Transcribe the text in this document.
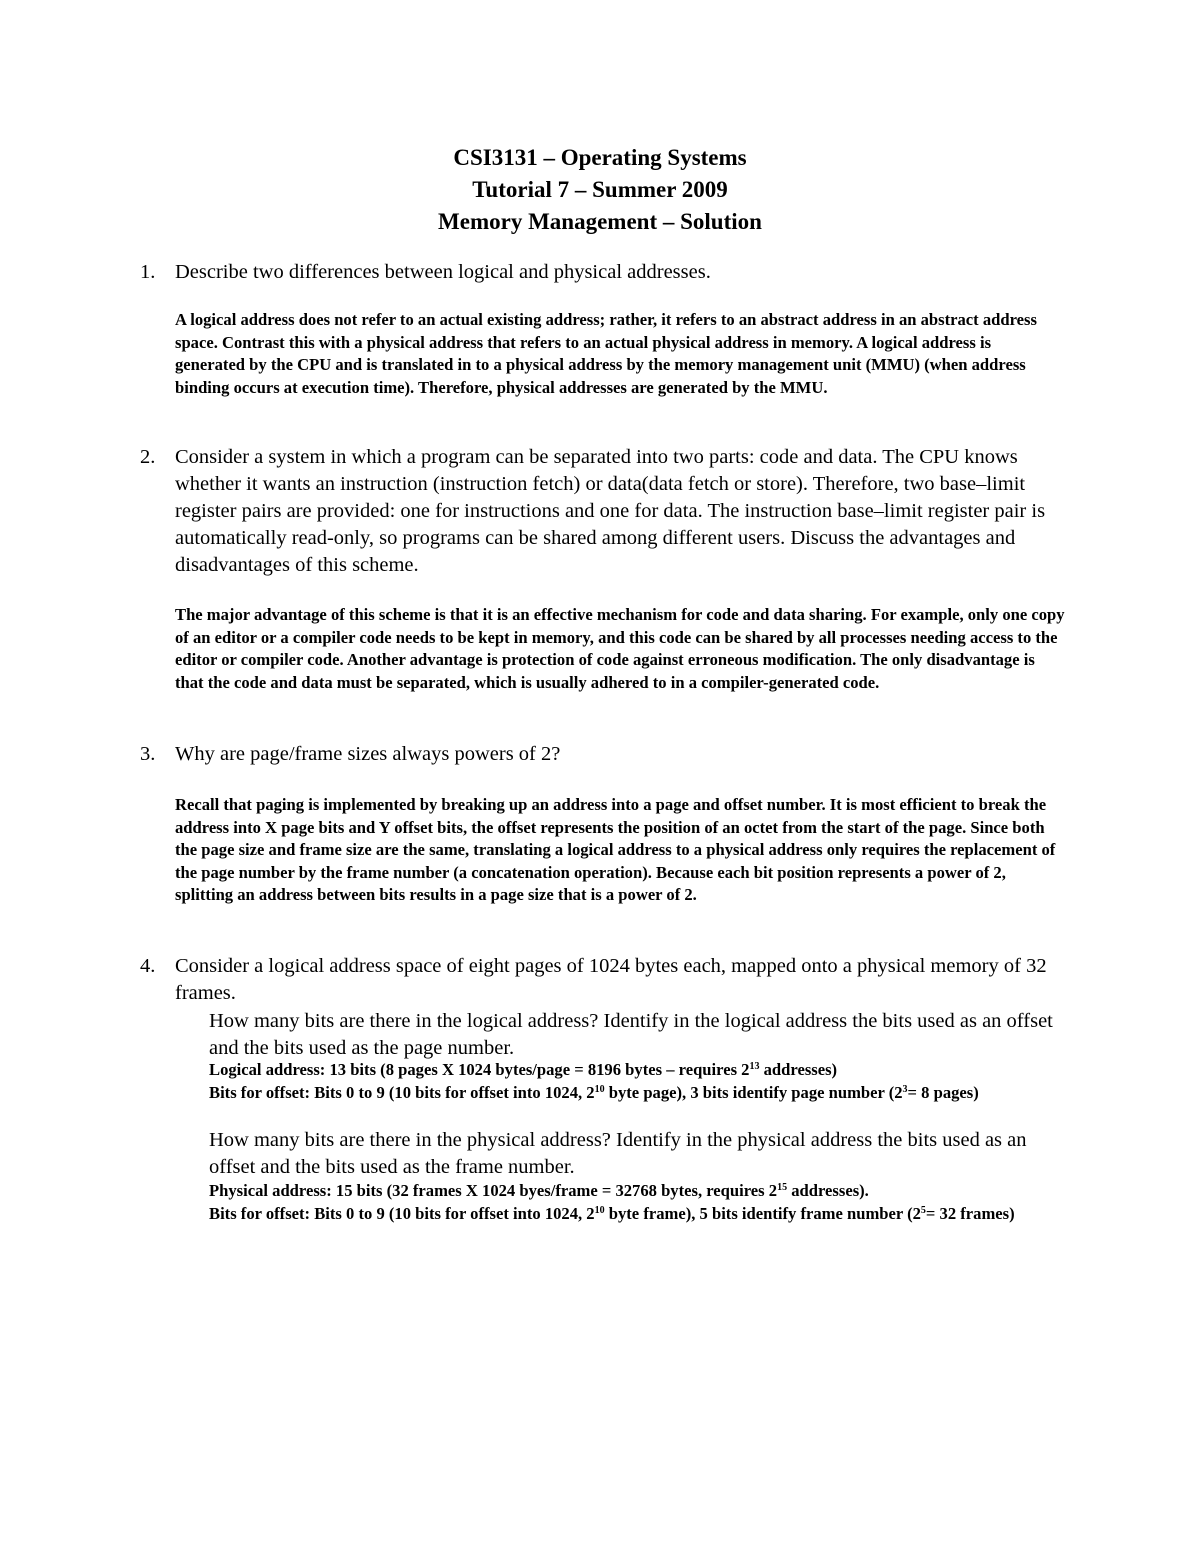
CSI3131 – Operating Systems
Tutorial 7 – Summer 2009
Memory Management – Solution
1. Describe two differences between logical and physical addresses.
A logical address does not refer to an actual existing address; rather, it refers to an abstract address in an abstract address space. Contrast this with a physical address that refers to an actual physical address in memory. A logical address is generated by the CPU and is translated in to a physical address by the memory management unit (MMU) (when address binding occurs at execution time). Therefore, physical addresses are generated by the MMU.
2. Consider a system in which a program can be separated into two parts: code and data. The CPU knows whether it wants an instruction (instruction fetch) or data(data fetch or store). Therefore, two base–limit register pairs are provided: one for instructions and one for data. The instruction base–limit register pair is automatically read-only, so programs can be shared among different users. Discuss the advantages and disadvantages of this scheme.
The major advantage of this scheme is that it is an effective mechanism for code and data sharing. For example, only one copy of an editor or a compiler code needs to be kept in memory, and this code can be shared by all processes needing access to the editor or compiler code. Another advantage is protection of code against erroneous modification. The only disadvantage is that the code and data must be separated, which is usually adhered to in a compiler-generated code.
3. Why are page/frame sizes always powers of 2?
Recall that paging is implemented by breaking up an address into a page and offset number. It is most efficient to break the address into X page bits and Y offset bits, the offset represents the position of an octet from the start of the page. Since both the page size and frame size are the same, translating a logical address to a physical address only requires the replacement of the page number by the frame number (a concatenation operation). Because each bit position represents a power of 2, splitting an address between bits results in a page size that is a power of 2.
4. Consider a logical address space of eight pages of 1024 bytes each, mapped onto a physical memory of 32 frames.
How many bits are there in the logical address? Identify in the logical address the bits used as an offset and the bits used as the page number.
Logical address: 13 bits (8 pages X 1024 bytes/page = 8196 bytes – requires $2^{13}$ addresses)
Bits for offset: Bits 0 to 9 (10 bits for offset into 1024, $2^{10}$ byte page), 3 bits identify page number ($2^3= 8$ pages)
How many bits are there in the physical address? Identify in the physical address the bits used as an offset and the bits used as the frame number.
Physical address: 15 bits (32 frames X 1024 byes/frame = 32768 bytes, requires $2^{15}$ addresses).
Bits for offset: Bits 0 to 9 (10 bits for offset into 1024, $2^{10}$ byte frame), 5 bits identify frame number ($2^5= 32$ frames)
